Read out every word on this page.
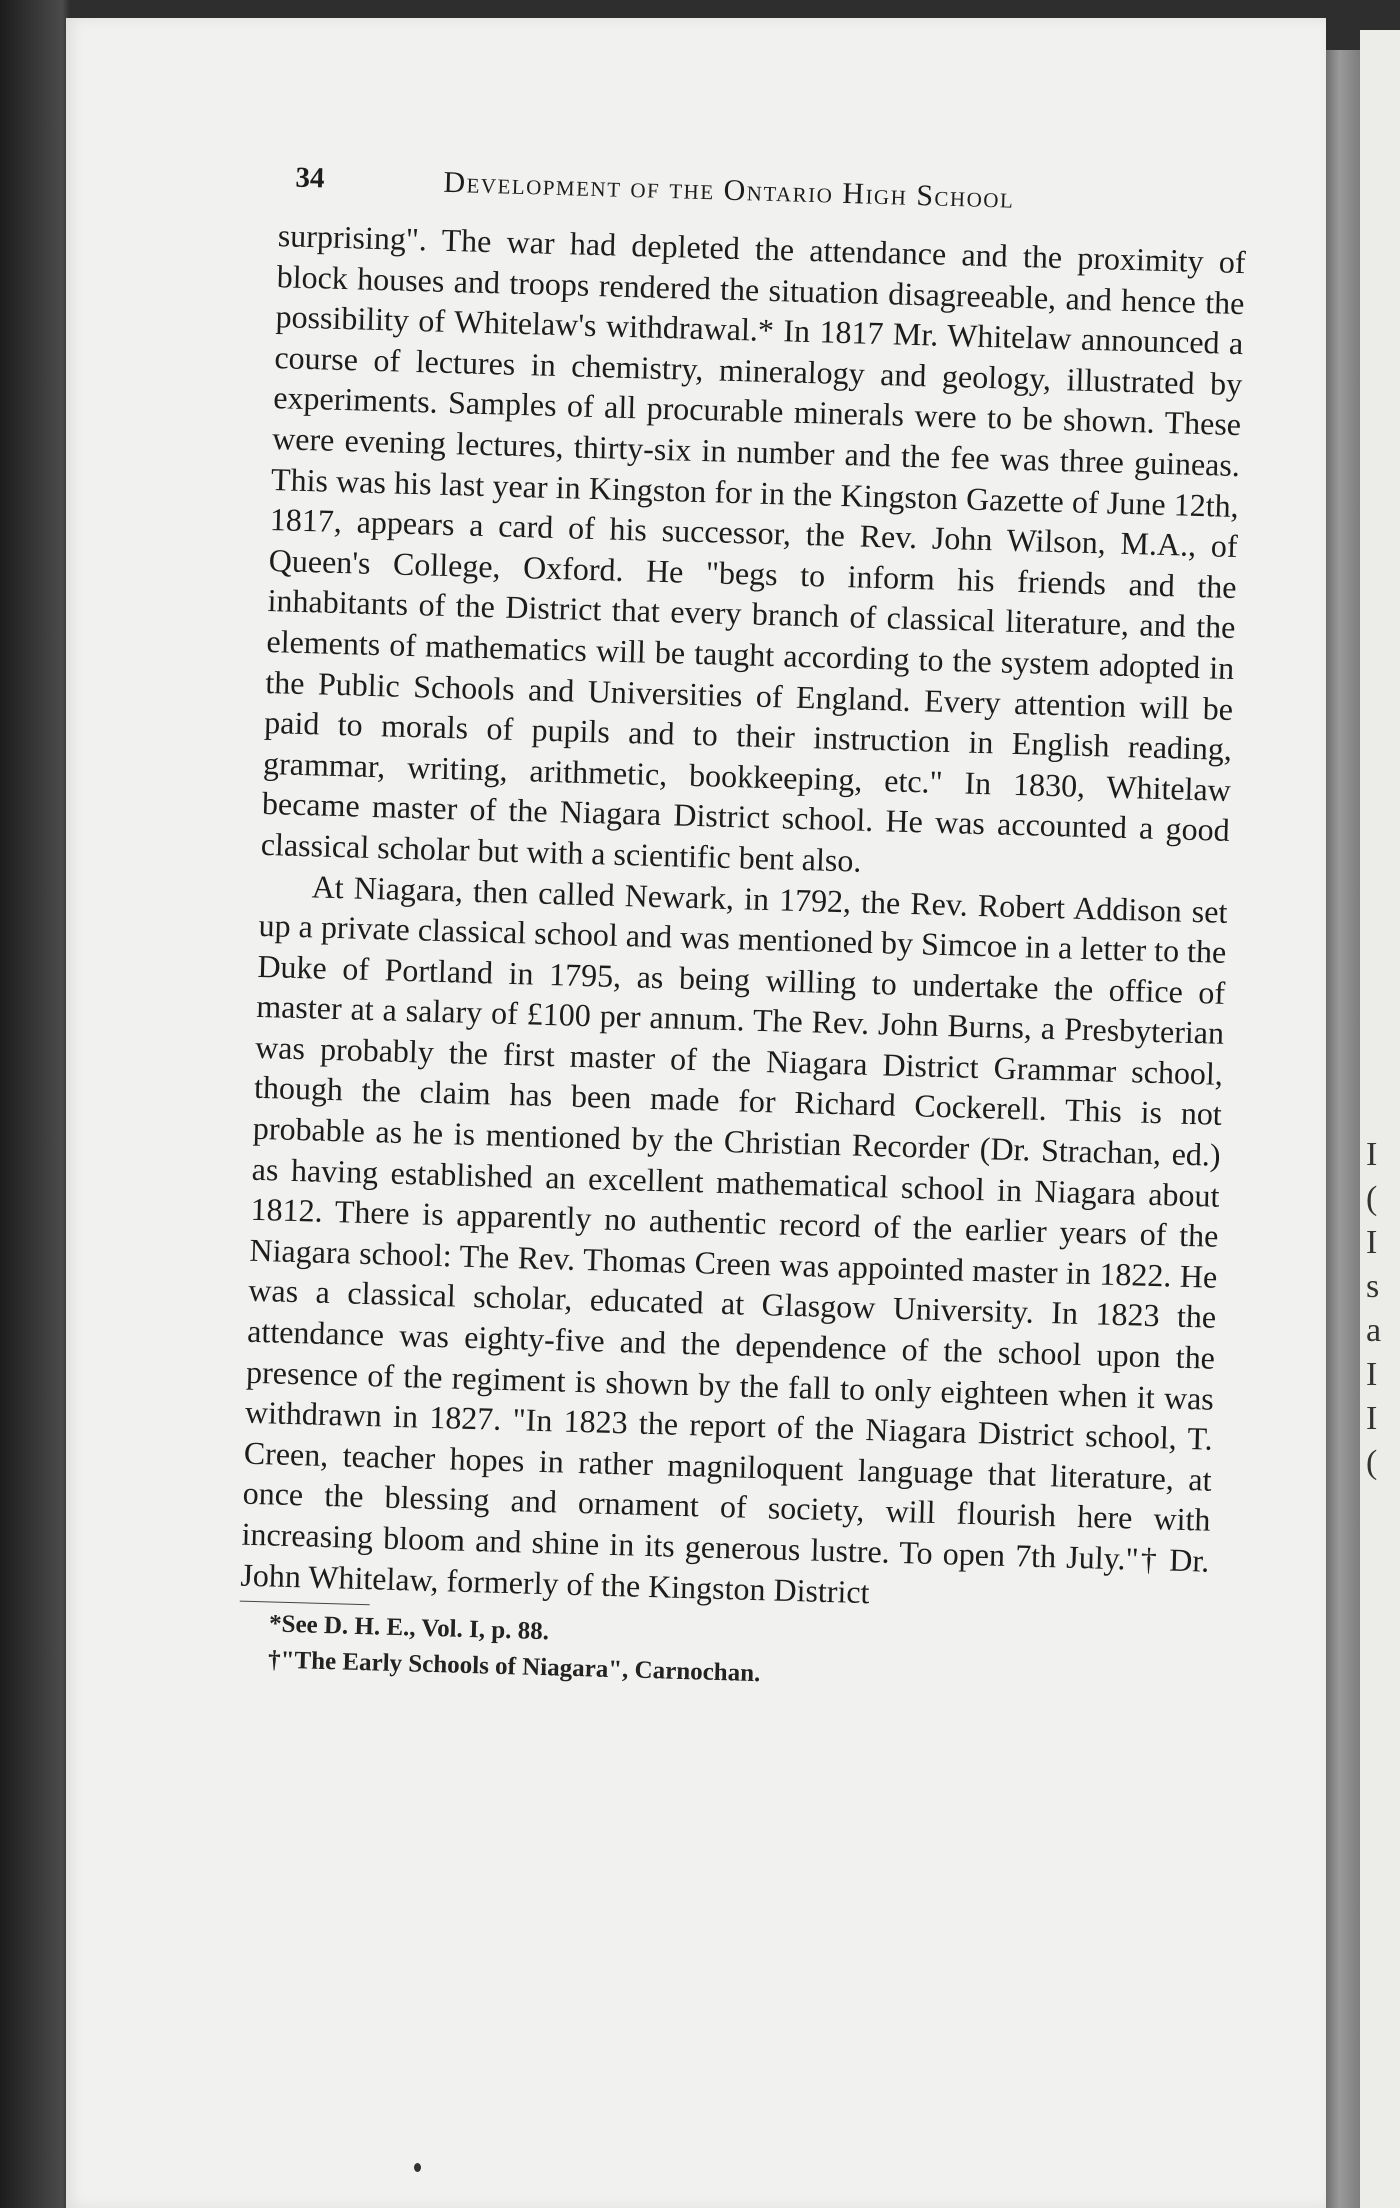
I
(
I
s
a
I
I
(
34	Development of the Ontario High School

surprising". The war had depleted the attendance and the proximity of block houses and troops rendered the situation disagreeable, and hence the possibility of Whitelaw's withdrawal.* In 1817 Mr. Whitelaw announced a course of lectures in chemistry, mineralogy and geology, illustrated by experiments. Samples of all procurable minerals were to be shown. These were evening lectures, thirty-six in number and the fee was three guineas. This was his last year in Kingston for in the Kingston Gazette of June 12th, 1817, appears a card of his successor, the Rev. John Wilson, M.A., of Queen's College, Oxford. He "begs to inform his friends and the inhabitants of the District that every branch of classical literature, and the elements of mathematics will be taught according to the system adopted in the Public Schools and Universities of England. Every attention will be paid to morals of pupils and to their instruction in English reading, grammar, writing, arithmetic, bookkeeping, etc." In 1830, Whitelaw became master of the Niagara District school. He was accounted a good classical scholar but with a scientific bent also.

At Niagara, then called Newark, in 1792, the Rev. Robert Addison set up a private classical school and was mentioned by Simcoe in a letter to the Duke of Portland in 1795, as being willing to undertake the office of master at a salary of £100 per annum. The Rev. John Burns, a Presbyterian was probably the first master of the Niagara District Grammar school, though the claim has been made for Richard Cockerell. This is not probable as he is mentioned by the Christian Recorder (Dr. Strachan, ed.) as having established an excellent mathematical school in Niagara about 1812. There is apparently no authentic record of the earlier years of the Niagara school: The Rev. Thomas Creen was appointed master in 1822. He was a classical scholar, educated at Glasgow University. In 1823 the attendance was eighty-five and the dependence of the school upon the presence of the regiment is shown by the fall to only eighteen when it was withdrawn in 1827. "In 1823 the report of the Niagara District school, T. Creen, teacher hopes in rather magniloquent language that literature, at once the blessing and ornament of society, will flourish here with increasing bloom and shine in its generous lustre. To open 7th July."† Dr. John Whitelaw, formerly of the Kingston District

*See D. H. E., Vol. I, p. 88.

†"The Early Schools of Niagara", Carnochan.
